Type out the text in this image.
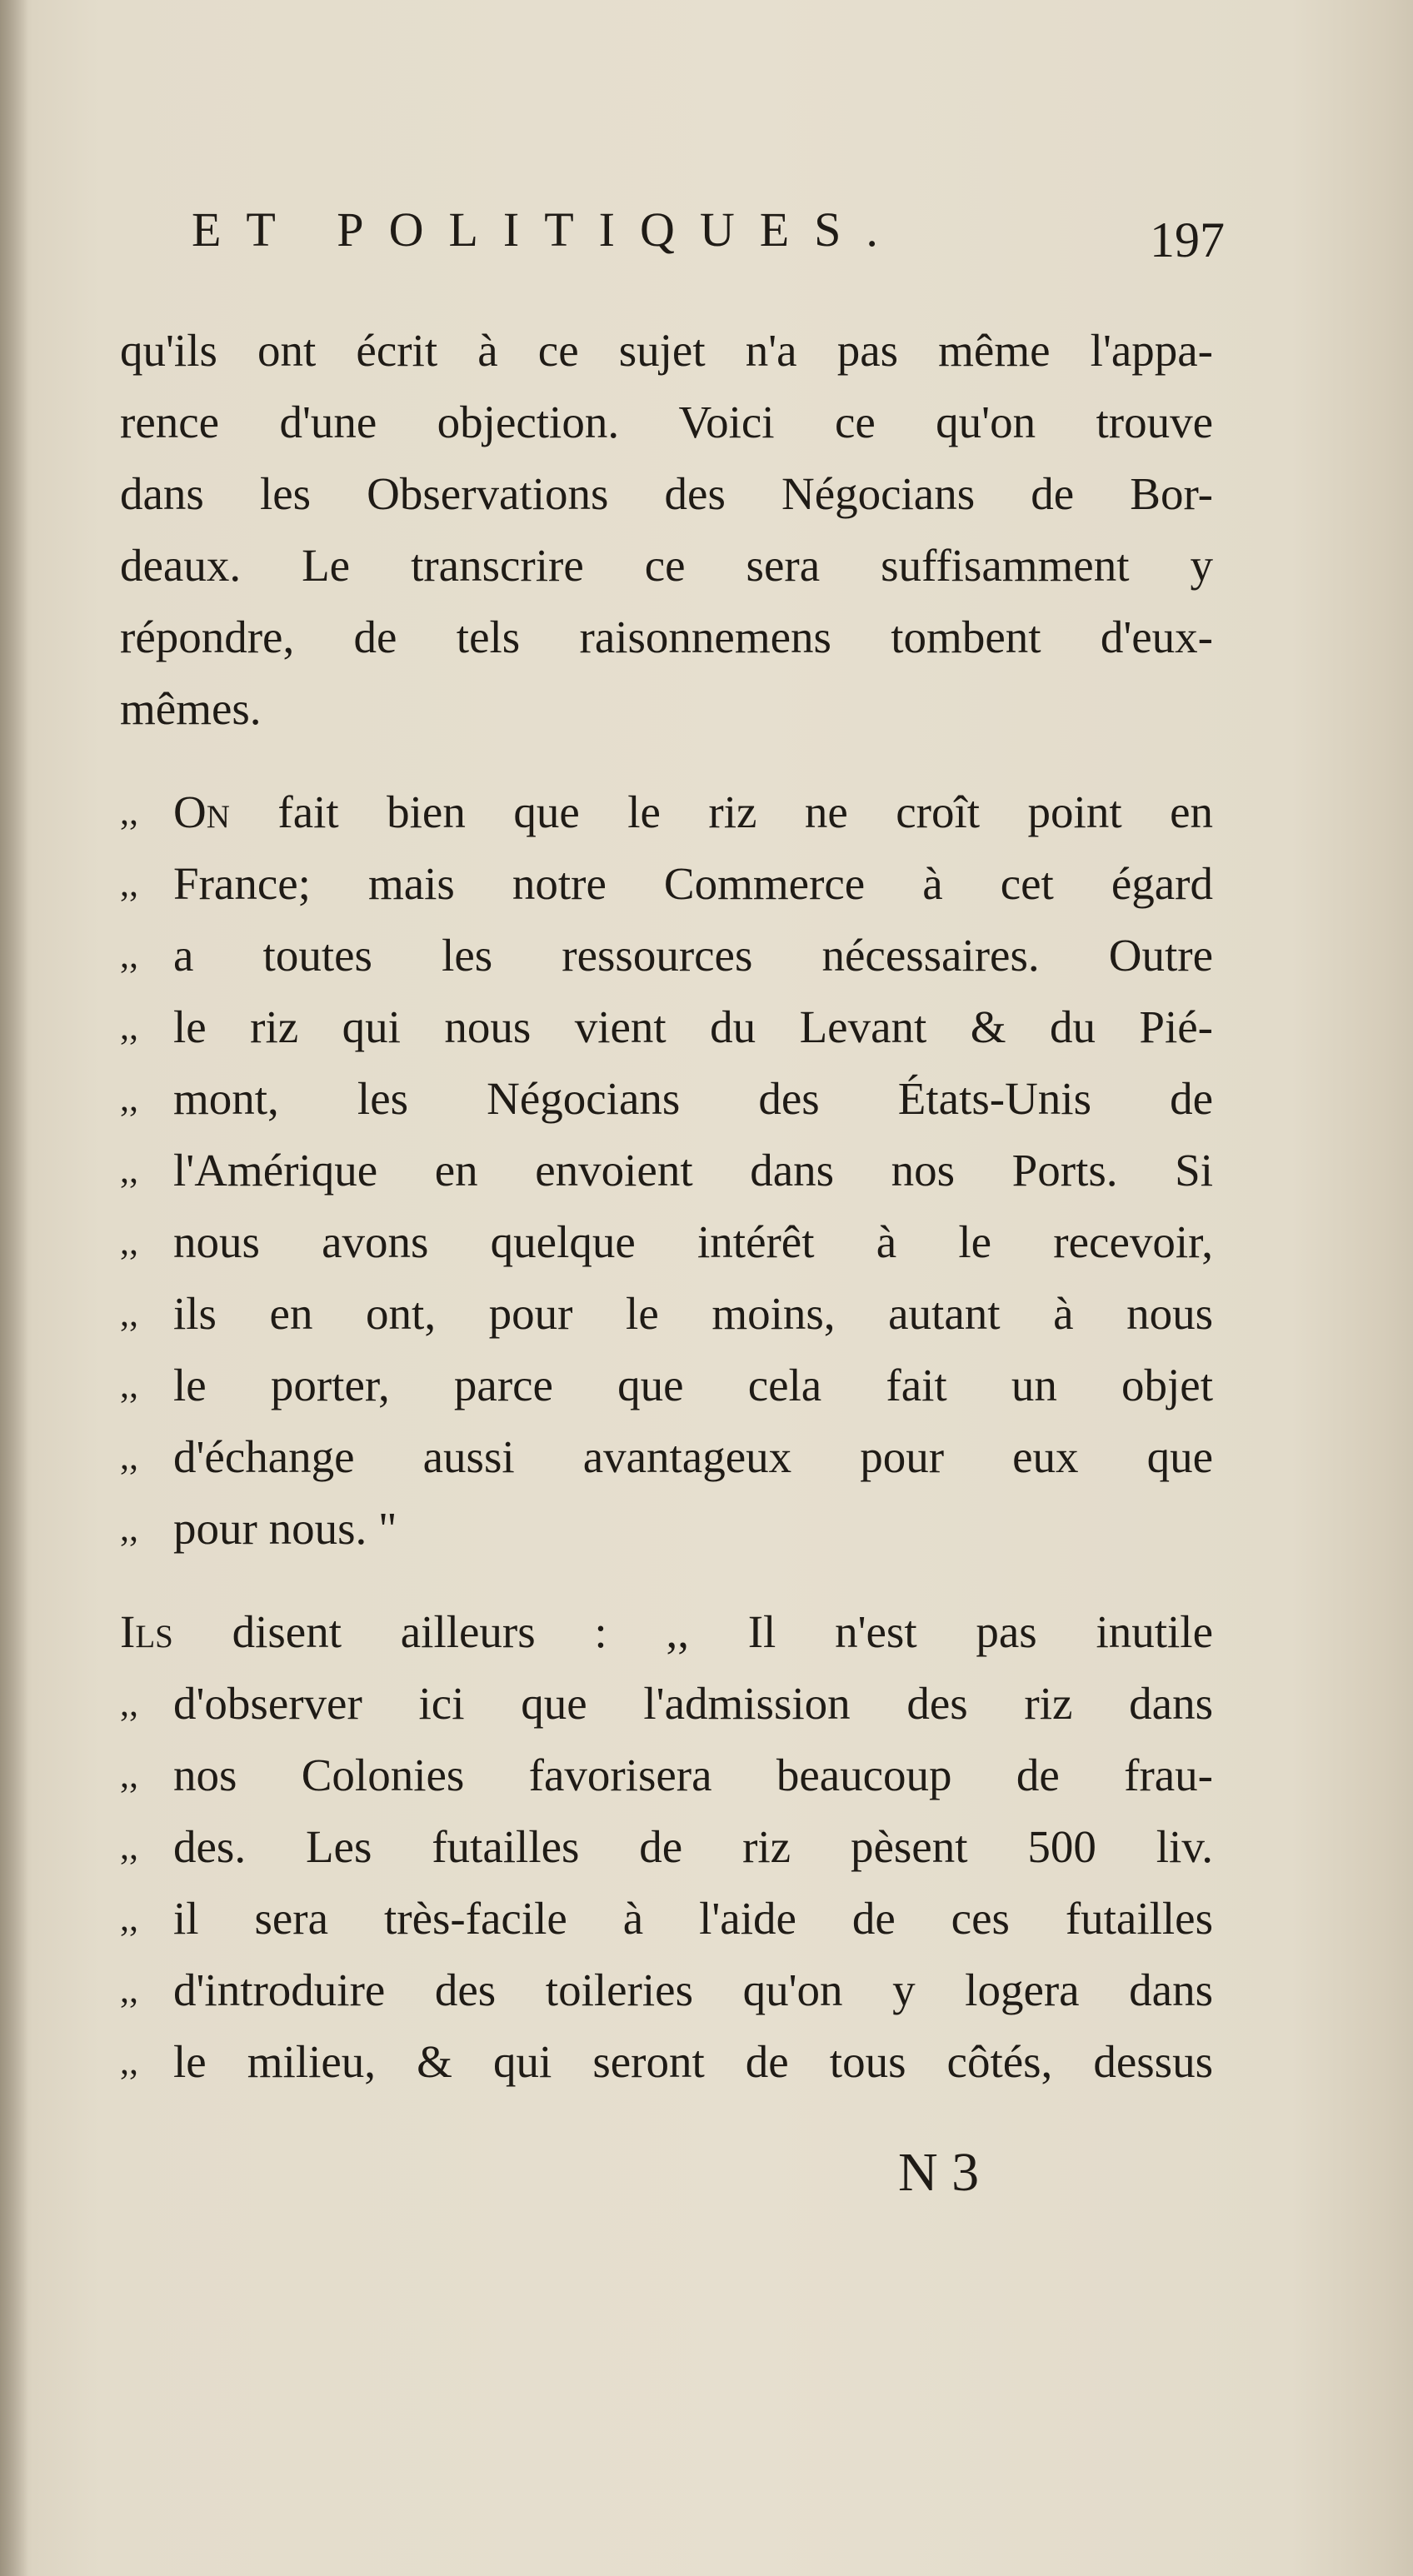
ET POLITIQUES.	197
qu'ils ont écrit à ce sujet n'a pas même l'appa-
rence d'une objection. Voici ce qu'on trouve
dans les Observations des Négocians de Bor-
deaux. Le transcrire ce sera suffisamment y
répondre, de tels raisonnemens tombent d'eux-
mêmes.
,, On fait bien que le riz ne croît point en
,, France; mais notre Commerce à cet égard
,, a toutes les ressources nécessaires. Outre
,, le riz qui nous vient du Levant & du Pié-
,, mont, les Négocians des États-Unis de
,, l'Amérique en envoient dans nos Ports. Si
,, nous avons quelque intérêt à le recevoir,
,, ils en ont, pour le moins, autant à nous
,, le porter, parce que cela fait un objet
,, d'échange aussi avantageux pour eux que
,, pour nous. "
Ils disent ailleurs : ,, Il n'est pas inutile
,, d'observer ici que l'admission des riz dans
,, nos Colonies favorisera beaucoup de frau-
,, des. Les futailles de riz pèsent 500 liv.
,, il sera très-facile à l'aide de ces futailles
,, d'introduire des toileries qu'on y logera dans
,, le milieu, & qui seront de tous côtés, dessus
N 3
